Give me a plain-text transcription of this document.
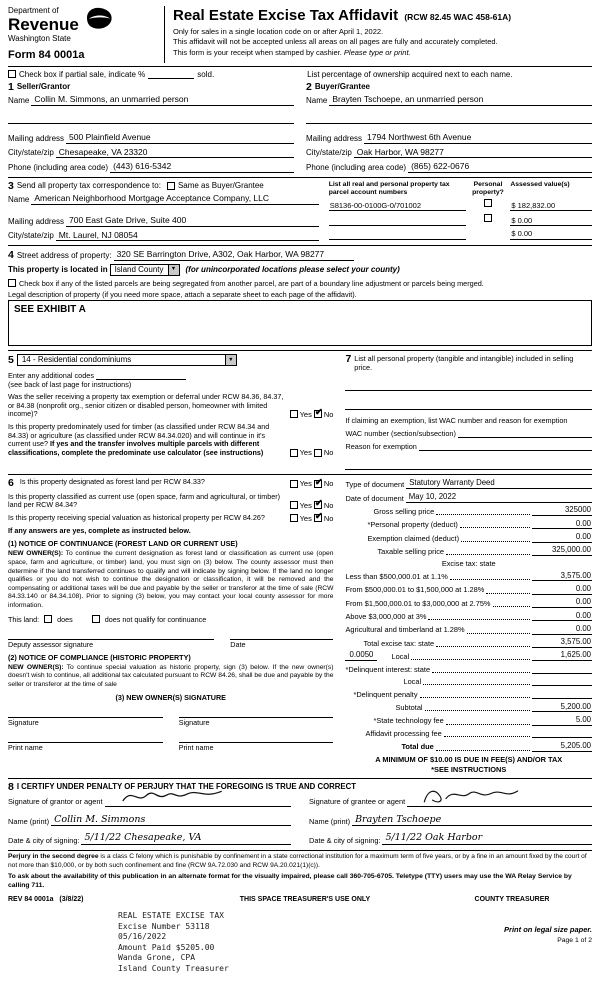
Department of
Revenue
Washington State
Form 84 0001a
Real Estate Excise Tax Affidavit (RCW 82.45 WAC 458-61A)
Only for sales in a single location code on or after April 1, 2022.
This affidavit will not be accepted unless all areas on all pages are fully and accurately completed.
This form is your receipt when stamped by cashier. Please type or print.
Check box if partial sale, indicate %	sold.	List percentage of ownership acquired next to each name.
1 Seller/Grantor
Name Collin M. Simmons, an unmarried person
Mailing address 500 Plainfield Avenue
City/state/zip Chesapeake, VA 23320
Phone (including area code) (443) 616-5342
2 Buyer/Grantee
Name Brayten Tschoepe, an unmarried person
Mailing address 1794 Northwest 6th Avenue
City/state/zip Oak Harbor, WA 98277
Phone (including area code) (865) 622-0676
3 Send all property tax correspondence to: Same as Buyer/Grantee
Name American Neighborhood Mortgage Acceptance Company, LLC
Mailing address 700 East Gate Drive, Suite 400
City/state/zip Mt. Laurel, NJ 08054
List all real and personal property tax parcel account numbers
Personal property?
Assessed value(s)
S8136-00-0100G-0/701002	$ 182,832.00
$ 0.00
$ 0.00
4 Street address of property: 320 SE Barrington Drive, A302, Oak Harbor, WA 98277
This property is located in Island County ▼	(for unincorporated locations please select your county)
Check box if any of the listed parcels are being segregated from another parcel, are part of a boundary line adjustment or parcels being merged.
Legal description of property (if you need more space, attach a separate sheet to each page of the affidavit).
SEE EXHIBIT A
5	14 - Residential condominiums
▼
Enter any additional codes
(see back of last page for instructions)
Was the seller receiving a property tax exemption or deferral under RCW 84.36, 84.37, or 84.38 (nonprofit org., senior citizen or disabled person, homeowner with limited income)?	Yes ✔ No
Is this property predominately used for timber (as classified under RCW 84.34 and 84.33) or agriculture (as classified under RCW 84.34.020) and will continue in it's current use? If yes and the transfer involves multiple parcels with different classifications, complete the predominate use calculator (see instructions)	Yes No
7 List all personal property (tangible and intangible) included in selling price.
If claiming an exemption, list WAC number and reason for exemption
WAC number (section/subsection)
Reason for exemption
6 Is this property designated as forest land per RCW 84.33?	Yes ✔ No
Is this property classified as current use (open space, farm and agricultural, or timber) land per RCW 84.34?	Yes ✔ No
Is this property receiving special valuation as historical property per RCW 84.26?	Yes ✔ No
If any answers are yes, complete as instructed below.
(1) NOTICE OF CONTINUANCE (FOREST LAND OR CURRENT USE)
NEW OWNER(S): To continue the current designation as forest land or classification as current use (open space, farm and agriculture, or timber) land, you must sign on (3) below. The county assessor must then determine if the land transferred continues to qualify and will indicate by signing below. If the land no longer qualifies or you do not wish to continue the designation or classification, it will be removed and the compensating or additional taxes will be due and payable by the seller or transferor at the time of sale (RCW 84.33.140 or 84.34.108). Prior to signing (3) below, you may contact your local county assessor for more information.
This land:	does	does not qualify for continuance
Deputy assessor signature	Date
(2) NOTICE OF COMPLIANCE (HISTORIC PROPERTY)
NEW OWNER(S): To continue special valuation as historic property, sign (3) below. If the new owner(s) doesn't wish to continue, all additional tax calculated pursuant to RCW 84.26, shall be due and payable by the seller or transferor at the time of sale
(3) NEW OWNER(S) SIGNATURE
Signature	Signature
Print name	Print name
Type of document Statutory Warranty Deed
Date of document May 10, 2022
Gross selling price	325000
*Personal property (deduct)	0.00
Exemption claimed (deduct)	0.00
Taxable selling price	325,000.00
Excise tax: state
Less than $500,000.01 at 1.1%	3,575.00
From $500,000.01 to $1,500,000 at 1.28%	0.00
From $1,500,000.01 to $3,000,000 at 2.75%	0.00
Above $3,000,000 at 3%	0.00
Agricultural and timberland at 1.28%	0.00
Total excise tax: state	3,575.00
0.0050	Local	1,625.00
*Delinquent interest: state
Local
*Delinquent penalty
Subtotal	5,200.00
*State technology fee	5.00
Affidavit processing fee
Total due	5,205.00
A MINIMUM OF $10.00 IS DUE IN FEE(S) AND/OR TAX
*SEE INSTRUCTIONS
8 I CERTIFY UNDER PENALTY OF PERJURY THAT THE FOREGOING IS TRUE AND CORRECT
Signature of grantor or agent
Name (print) Collin M. Simmons
Date & city of signing: 5/11/22 Chesapeake, VA
Signature of grantee or agent
Name (print) Brayten Tschoepe
Date & city of signing: 5/11/22 Oak Harbor
Perjury in the second degree is a class C felony which is punishable by confinement in a state correctional institution for a maximum term of five years, or by a fine in an amount fixed by the court of not more than $10,000, or by both such confinement and fine (RCW 9A.72.030 and RCW 9A.20.021(1)(c)).
To ask about the availability of this publication in an alternate format for the visually impaired, please call 360-705-6705. Teletype (TTY) users may use the WA Relay Service by calling 711.
REV 84 0001a (3/8/22)	THIS SPACE TREASURER'S USE ONLY	COUNTY TREASURER
REAL ESTATE EXCISE TAX
Excise Number 53118
05/16/2022
Amount Paid $5205.00
Wanda Grone, CPA
Island County Treasurer
Print on legal size paper.
Page 1 of 2
